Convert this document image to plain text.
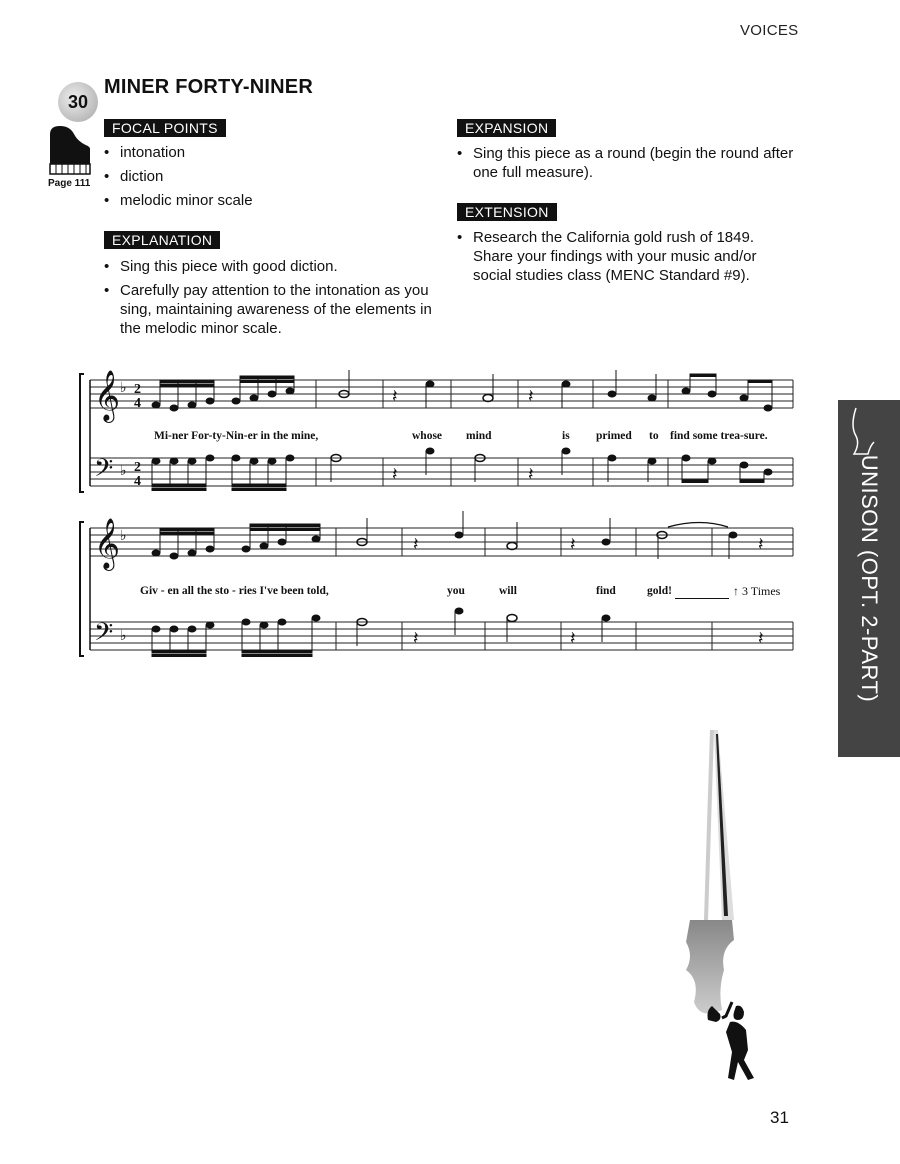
VOICES
30
Page 111
MINER FORTY-NINER
FOCAL POINTS
• intonation
• diction
• melodic minor scale
EXPLANATION
• Sing this piece with good diction.
• Carefully pay attention to the intonation as you sing, maintaining awareness of the elements in the melodic minor scale.
EXPANSION
• Sing this piece as a round (begin the round after one full measure).
EXTENSION
• Research the California gold rush of 1849. Share your findings with your music and/or social studies class (MENC Standard #9).
𝄞
𝄢
𝄞
𝄢
♭
♭
♭
♭
2
4
2
4
𝄽	𝄽
𝄽	𝄽
𝄽	𝄽	𝄽
𝄽	𝄽	𝄽
Mi-ner For-ty-Nin-er in the mine,	whose mind	is primed to find some trea-sure.
Giv - en all the sto - ries I've been told,	you	will	find	gold!	↑ 3 Times	UNISON (OPT. 2-PART)
31
